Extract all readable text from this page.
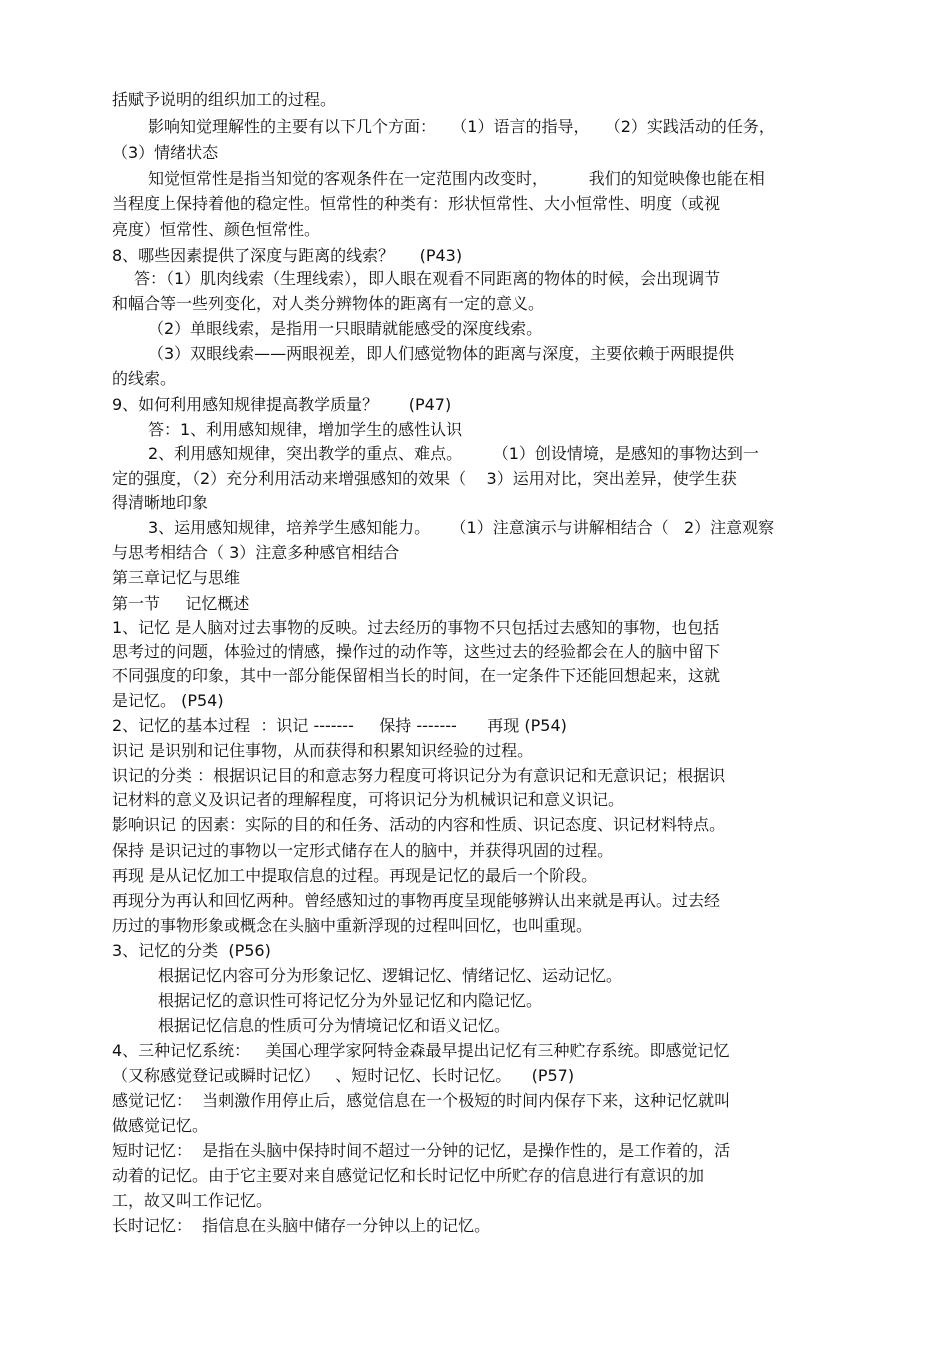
括赋予说明的组织加工的过程。
影响知觉理解性的主要有以下几个方面：   （1）语言的指导，   （2）实践活动的任务，
（3）情绪状态
知觉恒常性是指当知觉的客观条件在一定范围内改变时，        我们的知觉映像也能在相
当程度上保持着他的稳定性。恒常性的种类有：形状恒常性、大小恒常性、明度（或视
亮度）恒常性、颜色恒常性。
8、哪些因素提供了深度与距离的线索？     (P43)
答：（1）肌肉线索（生理线索），即人眼在观看不同距离的物体的时候，会出现调节
和幅合等一些列变化，对人类分辨物体的距离有一定的意义。
（2）单眼线索，是指用一只眼睛就能感受的深度线索。
（3）双眼线索——两眼视差，即人们感觉物体的距离与深度，主要依赖于两眼提供
的线索。
9、如何利用感知规律提高教学质量？      (P47)
答：1、利用感知规律，增加学生的感性认识
2、利用感知规律，突出教学的重点、难点。      （1）创设情境，是感知的事物达到一
定的强度，（2）充分利用活动来增强感知的效果（    3）运用对比，突出差异，使学生获
得清晰地印象
3、运用感知规律，培养学生感知能力。    （1）注意演示与讲解相结合（   2）注意观察
与思考相结合（ 3）注意多种感官相结合
第三章记忆与思维
第一节     记忆概述
1、记忆 是人脑对过去事物的反映。过去经历的事物不只包括过去感知的事物，也包括
思考过的问题，体验过的情感，操作过的动作等，这些过去的经验都会在人的脑中留下
不同强度的印象，其中一部分能保留相当长的时间，在一定条件下还能回想起来，这就
是记忆。 (P54)
2、记忆的基本过程  ：识记 -------     保持 -------      再现 (P54)
识记 是识别和记住事物，从而获得和积累知识经验的过程。
识记的分类 ：根据识记目的和意志努力程度可将识记分为有意识记和无意识记；根据识
记材料的意义及识记者的理解程度，可将识记分为机械识记和意义识记。
影响识记 的因素：实际的目的和任务、活动的内容和性质、识记态度、识记材料特点。
保持 是识记过的事物以一定形式储存在人的脑中，并获得巩固的过程。
再现 是从记忆加工中提取信息的过程。再现是记忆的最后一个阶段。
再现分为再认和回忆两种。曾经感知过的事物再度呈现能够辨认出来就是再认。过去经
历过的事物形象或概念在头脑中重新浮现的过程叫回忆，也叫重现。
3、记忆的分类  (P56)
根据记忆内容可分为形象记忆、逻辑记忆、情绪记忆、运动记忆。
根据记忆的意识性可将记忆分为外显记忆和内隐记忆。
根据记忆信息的性质可分为情境记忆和语义记忆。
4、三种记忆系统：   美国心理学家阿特金森最早提出记忆有三种贮存系统。即感觉记忆
（又称感觉登记或瞬时记忆）   、短时记忆、长时记忆。    (P57)
感觉记忆：  当刺激作用停止后，感觉信息在一个极短的时间内保存下来，这种记忆就叫
做感觉记忆。
短时记忆：  是指在头脑中保持时间不超过一分钟的记忆，是操作性的，是工作着的，活
动着的记忆。由于它主要对来自感觉记忆和长时记忆中所贮存的信息进行有意识的加
工，故又叫工作记忆。
长时记忆：  指信息在头脑中储存一分钟以上的记忆。
